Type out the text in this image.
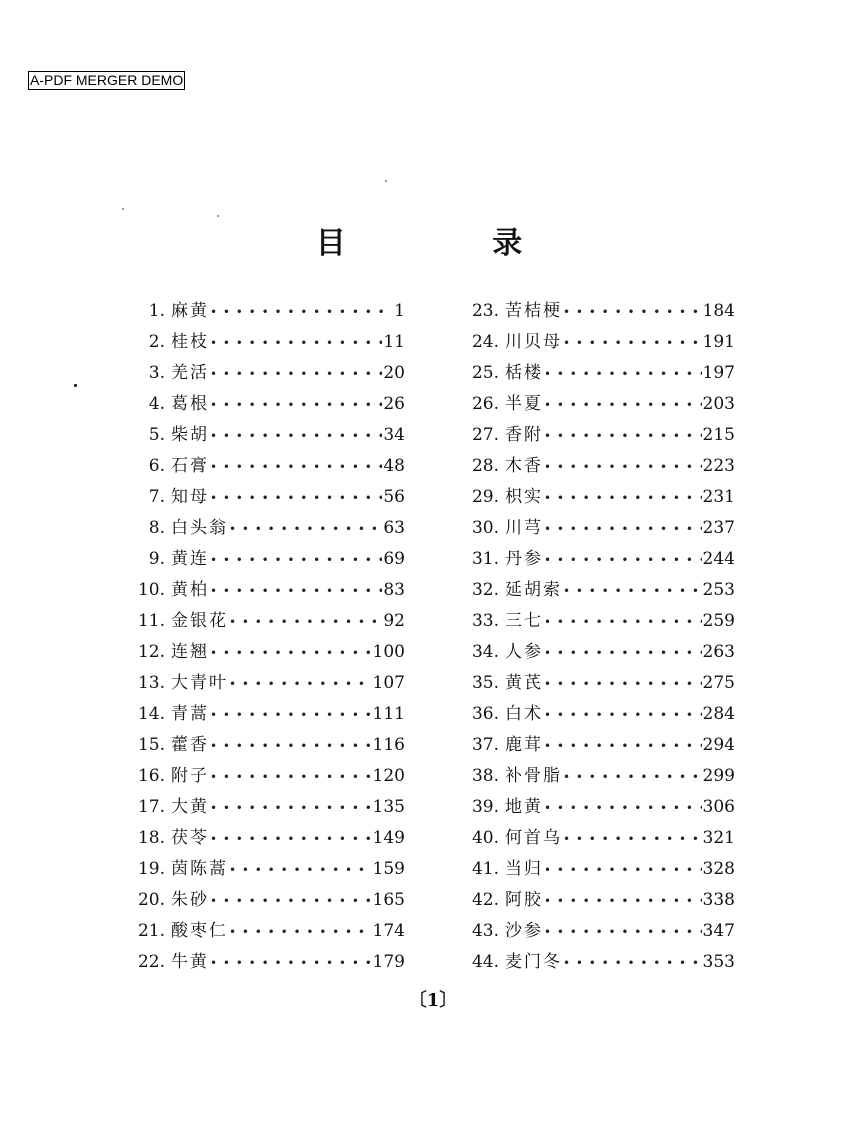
A-PDF MERGER DEMO
目 录
1. 麻黄 • • •	1
2. 桂枝 • • •	11
3. 羌活 • • •	20
4. 葛根 • • •	26
5. 柴胡 • • •	34
6. 石膏 • • •	48
7. 知母 • • •	56
8. 白头翁 • • •	63
9. 黄连 • • •	69
10. 黄柏 • • •	83
11. 金银花 • • •	92
12. 连翘 • • •	100
13. 大青叶 • • •	107
14. 青蒿 • • •	111
15. 藿香 • • •	116
16. 附子 • • •	120
17. 大黄 • • •	135
18. 茯苓 • • •	149
19. 茵陈蒿 • • •	159
20. 朱砂 • • •	165
21. 酸枣仁 • • •	174
22. 牛黄 • • •	179
23. 苦桔梗 • • •	184
24. 川贝母 • • •	191
25. 栝楼 • • •	197
26. 半夏 • • •	203
27. 香附 • • •	215
28. 木香 • • •	223
29. 枳实 • • •	231
30. 川芎 • • •	237
31. 丹参 • • •	244
32. 延胡索 • • •	253
33. 三七 • • •	259
34. 人参 • • •	263
35. 黄芪 • • •	275
36. 白术 • • •	284
37. 鹿茸 • • •	294
38. 补骨脂 • • •	299
39. 地黄 • • •	306
40. 何首乌 • • •	321
41. 当归 • • •	328
42. 阿胶 • • •	338
43. 沙参 • • •	347
44. 麦门冬 • • •	353
〔1〕
